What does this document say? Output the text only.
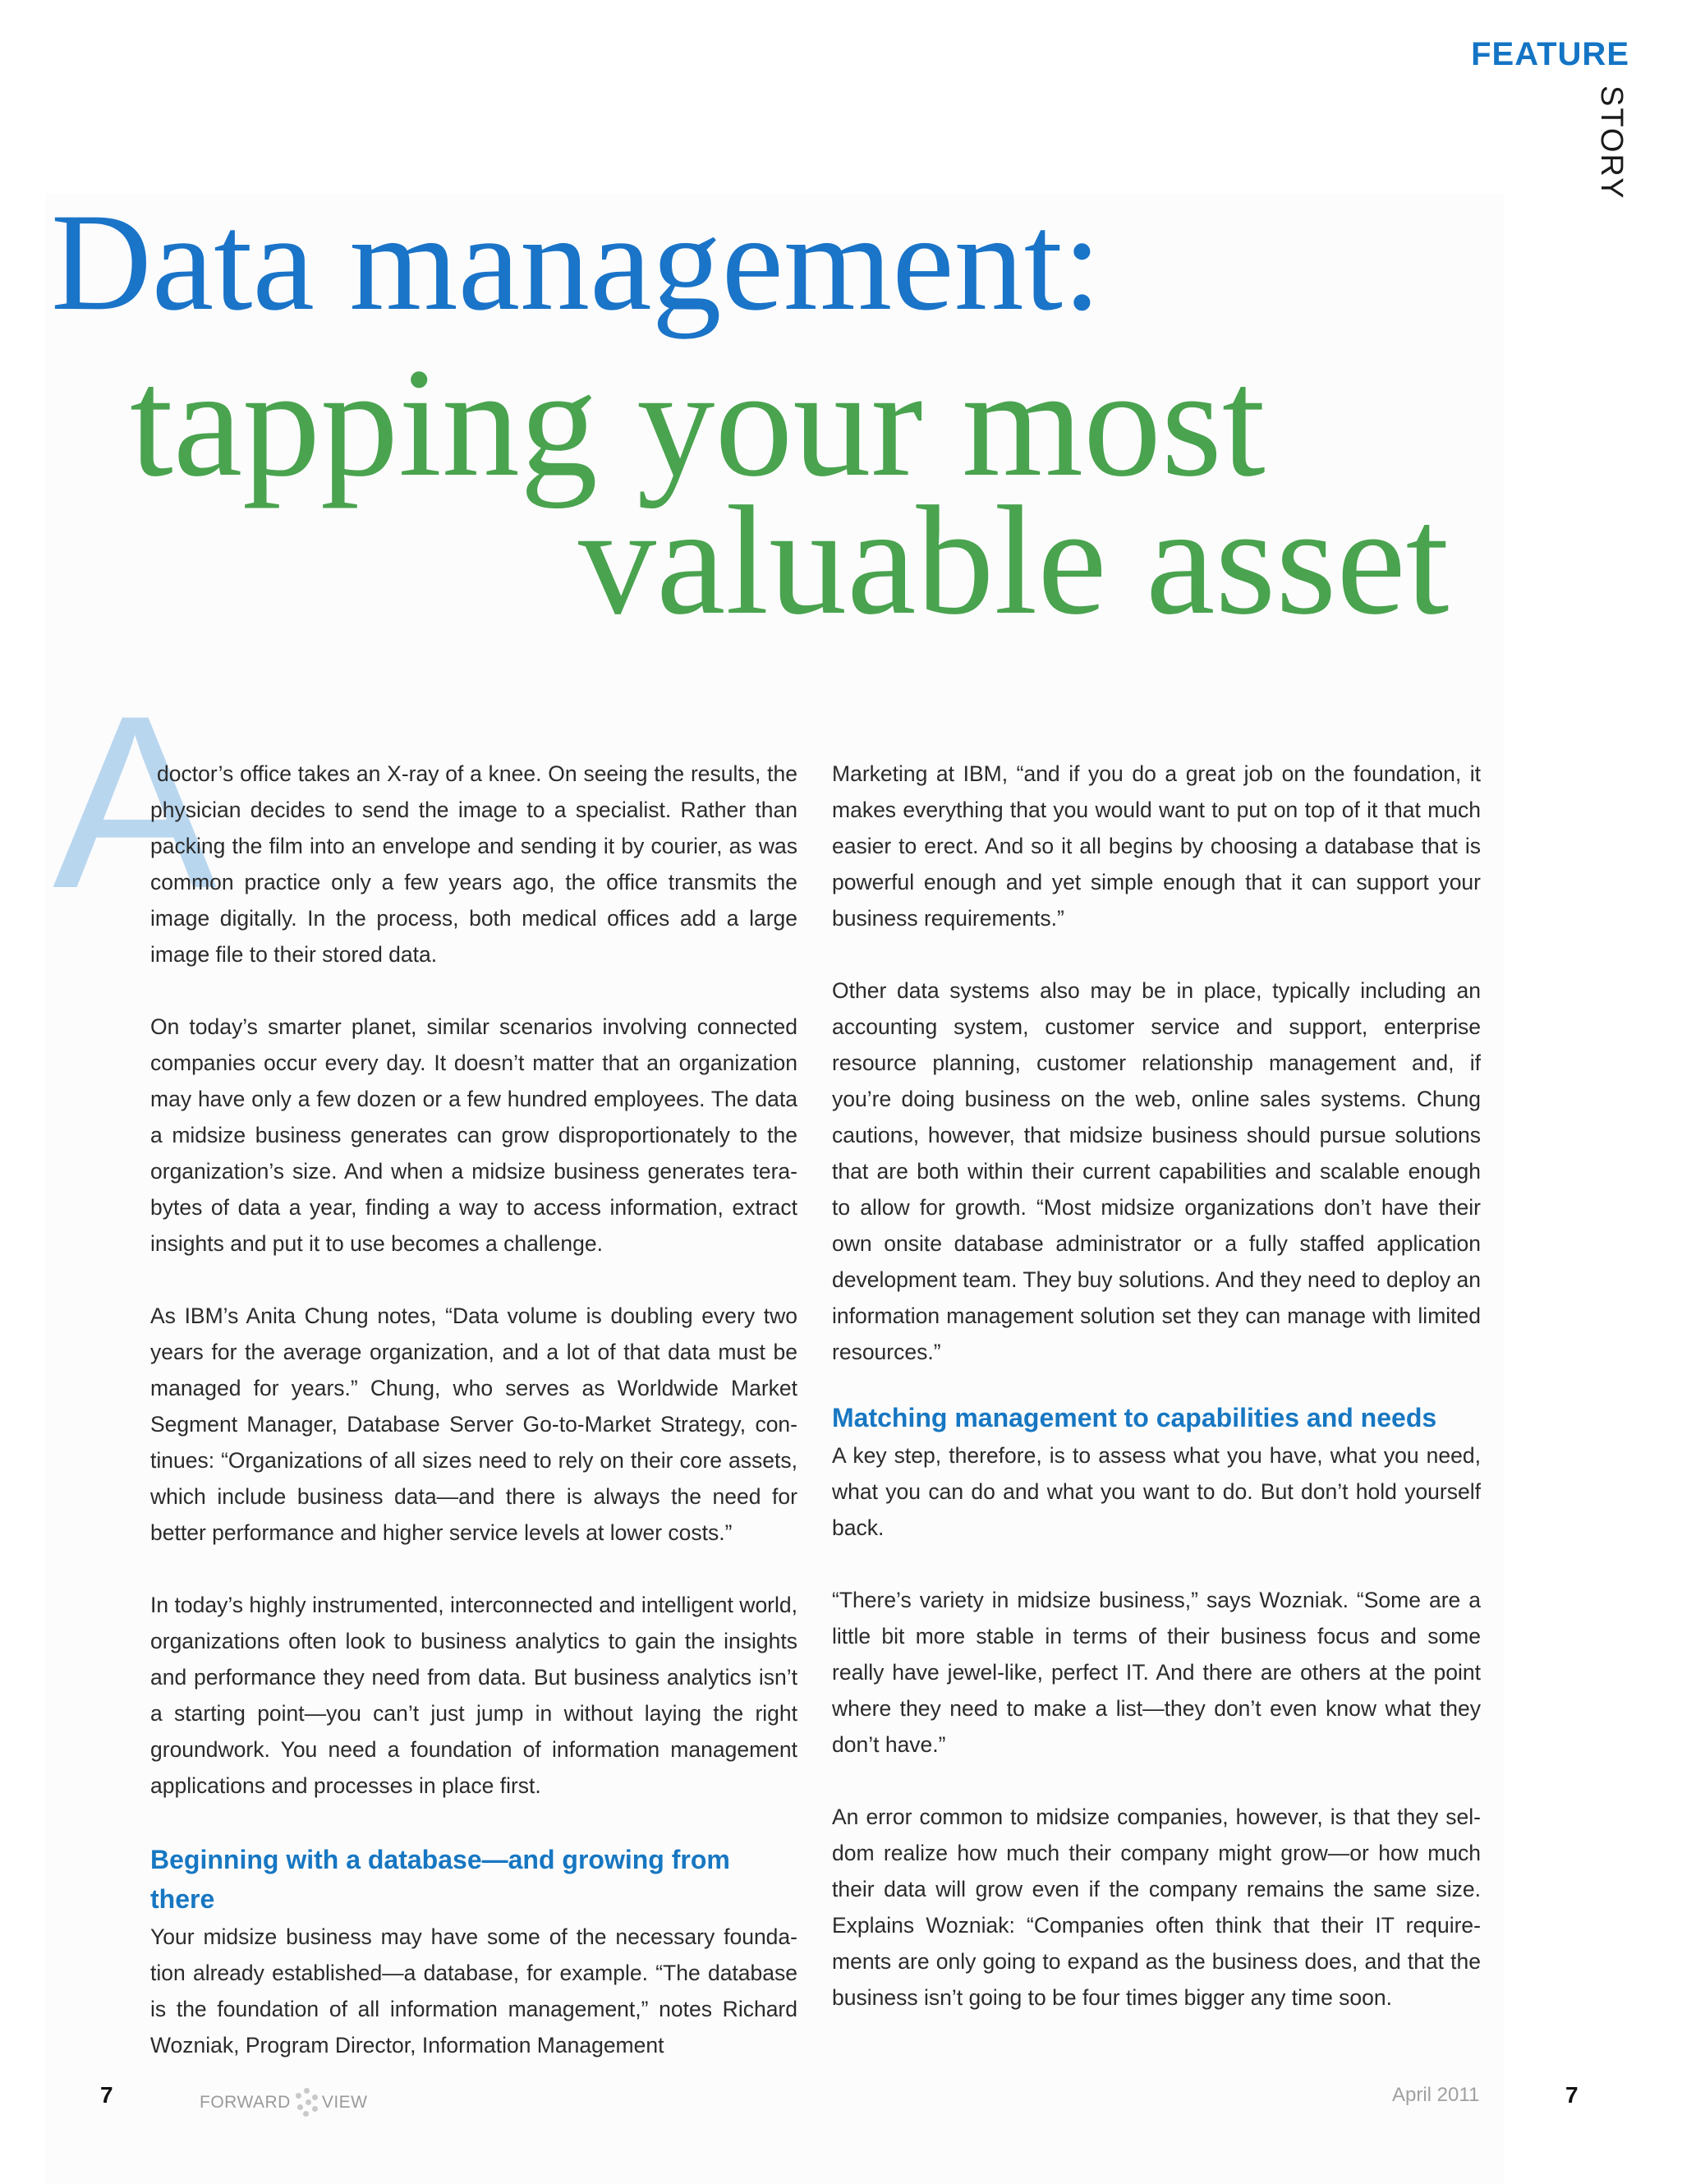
FEATURE
STORY
Data management:
tapping your most
valuable asset
A

doctor’s office takes an X-ray of a knee. On seeing the results, the physician decides to send the image to a specialist. Rather than packing the film into an envelope and sending it by courier, as was common practice only a few years ago, the office transmits the image digitally. In the process, both medical offices add a large image file to their stored data.

On today’s smarter planet, similar scenarios involving connected companies occur every day. It doesn’t matter that an organization may have only a few dozen or a few hundred employees. The data a midsize business generates can grow disproportionately to the organization’s size. And when a midsize business generates terabytes of data a year, finding a way to access information, extract insights and put it to use becomes a challenge.

As IBM’s Anita Chung notes, “Data volume is doubling every two years for the average organization, and a lot of that data must be managed for years.” Chung, who serves as Worldwide Market Segment Manager, Database Server Go-to-Market Strategy, continues: “Organizations of all sizes need to rely on their core assets, which include business data—and there is always the need for better performance and higher service levels at lower costs.”

In today’s highly instrumented, interconnected and intelligent world, organizations often look to business analytics to gain the insights and performance they need from data. But business analytics isn’t a starting point—you can’t just jump in without laying the right groundwork. You need a foundation of information management applications and processes in place first.

Beginning with a database—and growing from there

Your midsize business may have some of the necessary foundation already established—a database, for example. “The database is the foundation of all information management,” notes Richard Wozniak, Program Director, Information Management

Marketing at IBM, “and if you do a great job on the foundation, it makes everything that you would want to put on top of it that much easier to erect. And so it all begins by choosing a database that is powerful enough and yet simple enough that it can support your business requirements.”

Other data systems also may be in place, typically including an accounting system, customer service and support, enterprise resource planning, customer relationship management and, if you’re doing business on the web, online sales systems. Chung cautions, however, that midsize business should pursue solutions that are both within their current capabilities and scalable enough to allow for growth. “Most midsize organizations don’t have their own onsite database administrator or a fully staffed application development team. They buy solutions. And they need to deploy an information management solution set they can manage with limited resources.”

Matching management to capabilities and needs

A key step, therefore, is to assess what you have, what you need, what you can do and what you want to do. But don’t hold yourself back.

“There’s variety in midsize business,” says Wozniak. “Some are a little bit more stable in terms of their business focus and some really have jewel-like, perfect IT. And there are others at the point where they need to make a list—they don’t even know what they don’t have.”

An error common to midsize companies, however, is that they seldom realize how much their company might grow—or how much their data will grow even if the company remains the same size. Explains Wozniak: “Companies often think that their IT requirements are only going to expand as the business does, and that the business isn’t going to be four times bigger any time soon.

7	FORWARD VIEW	April 2011	7
